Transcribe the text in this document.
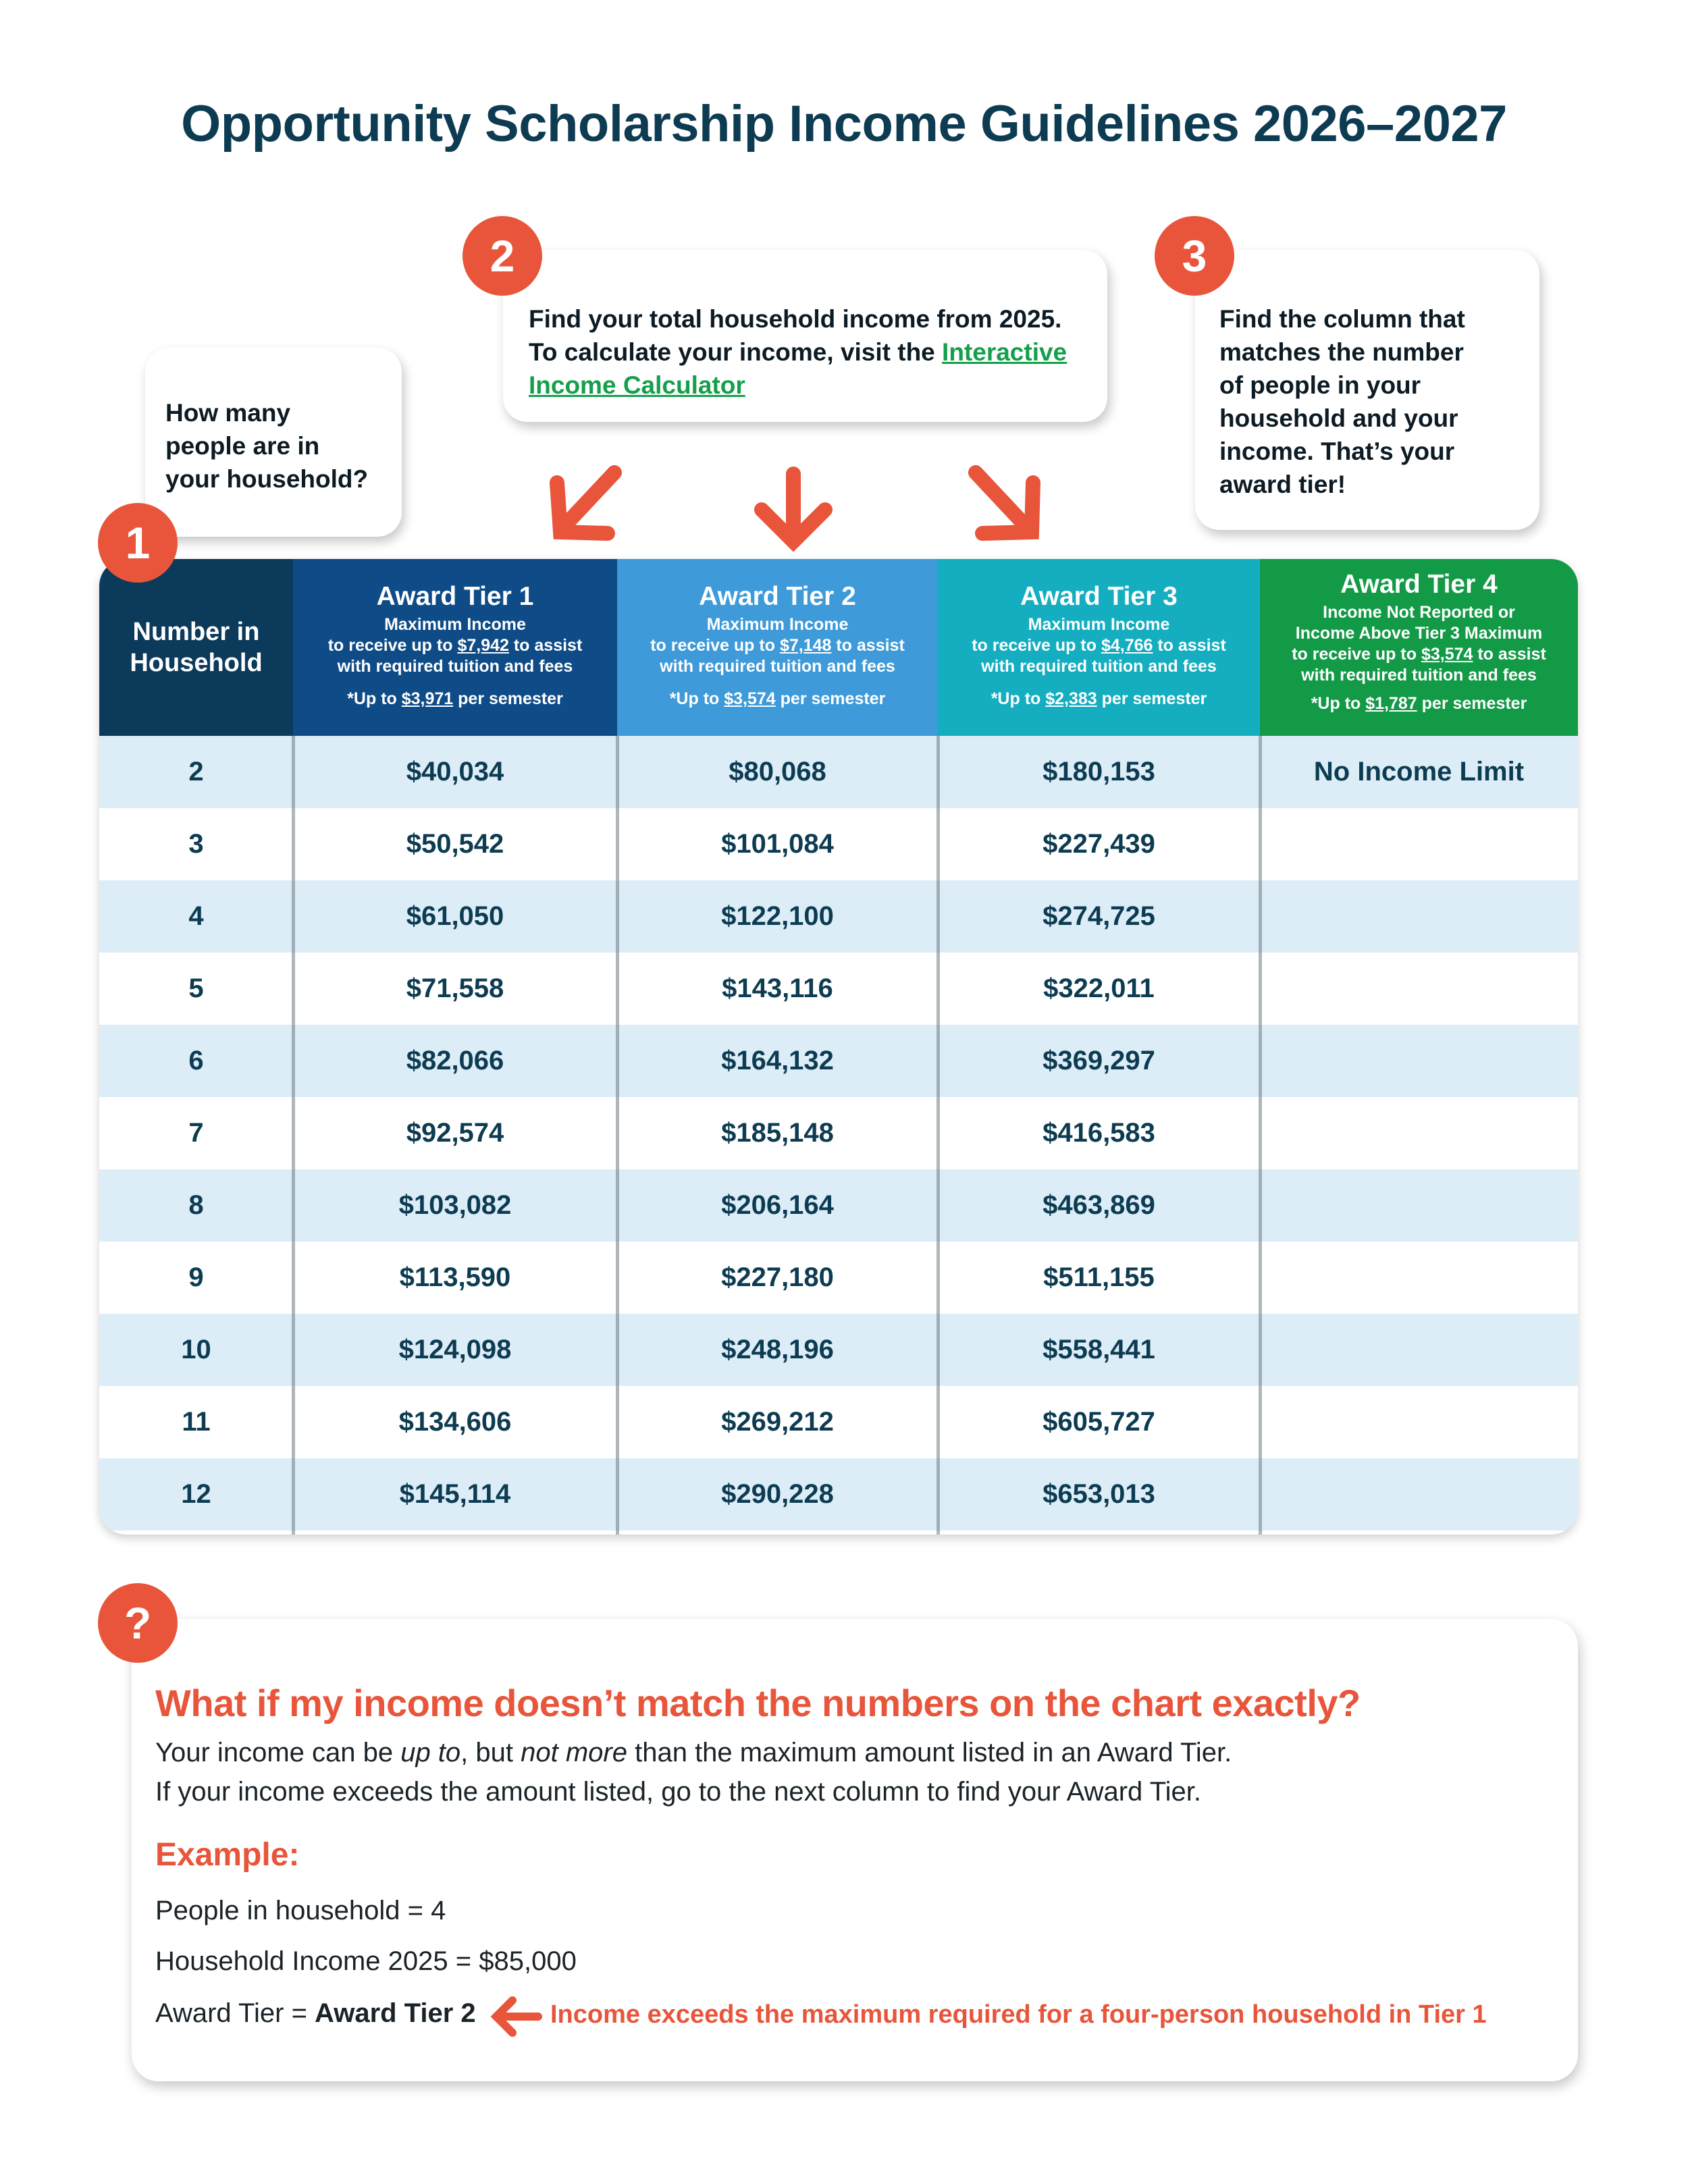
Opportunity Scholarship Income Guidelines 2026–2027
How many
people are in
your household?
1
Find your total household income from 2025.
To calculate your income, visit the Interactive
Income Calculator
2
Find the column that
matches the number
of people in your
household and your
income. That’s your
award tier!
3
Number in
Household
Award Tier 1
Maximum Income
to receive up to $7,942 to assist
with required tuition and fees
*Up to $3,971 per semester
Award Tier 2
Maximum Income
to receive up to $7,148 to assist
with required tuition and fees
*Up to $3,574 per semester
Award Tier 3
Maximum Income
to receive up to $4,766 to assist
with required tuition and fees
*Up to $2,383 per semester
Award Tier 4
Income Not Reported or
Income Above Tier 3 Maximum
to receive up to $3,574 to assist
with required tuition and fees
*Up to $1,787 per semester
2	$40,034	$80,068	$180,153	No Income Limit
3	$50,542	$101,084	$227,439
4	$61,050	$122,100	$274,725
5	$71,558	$143,116	$322,011
6	$82,066	$164,132	$369,297
7	$92,574	$185,148	$416,583
8	$103,082	$206,164	$463,869
9	$113,590	$227,180	$511,155
10	$124,098	$248,196	$558,441
11	$134,606	$269,212	$605,727
12	$145,114	$290,228	$653,013
?
What if my income doesn’t match the numbers on the chart exactly?
Your income can be up to, but not more than the maximum amount listed in an Award Tier.
If your income exceeds the amount listed, go to the next column to find your Award Tier.
Example:
People in household = 4
Household Income 2025 = $85,000
Award Tier = Award Tier 2	Income exceeds the maximum required for a four-person household in Tier 1
